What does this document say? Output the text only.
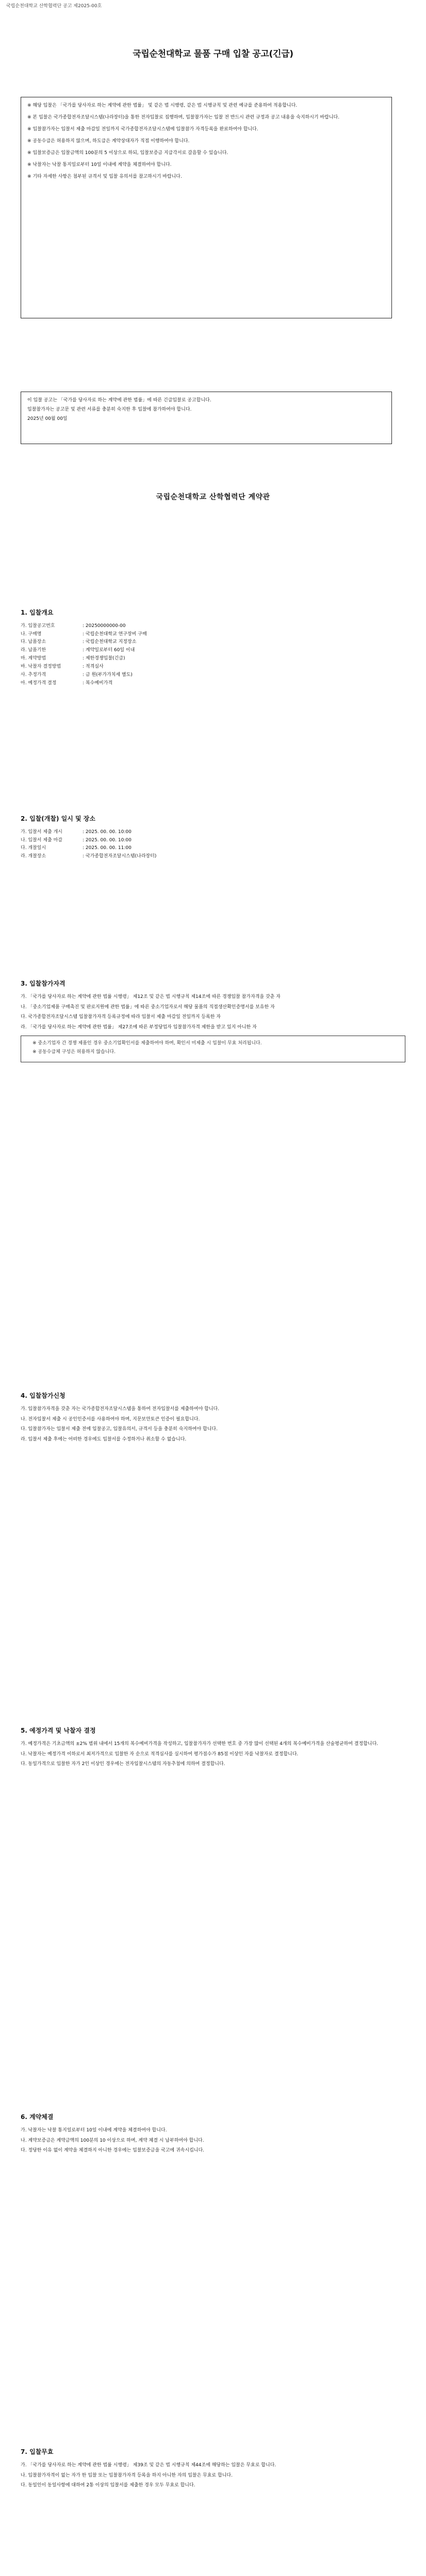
국립순천대학교 산학협력단 공고 제2025-00호
국립순천대학교 물품 구매 입찰 공고(긴급)
※ 해당 입찰은 「국가를 당사자로 하는 계약에 관한 법률」 및 같은 법 시행령, 같은 법 시행규칙 및 관련 예규를 준용하여 적용합니다.
※ 본 입찰은 국가종합전자조달시스템(나라장터)을 통한 전자입찰로 집행하며, 입찰참가자는 입찰 전 반드시 관련 규정과 공고 내용을 숙지하시기 바랍니다.
※ 입찰참가자는 입찰서 제출 마감일 전일까지 국가종합전자조달시스템에 입찰참가 자격등록을 완료하여야 합니다.
※ 공동수급은 허용하지 않으며, 하도급은 계약상대자가 직접 이행하여야 합니다.
※ 입찰보증금은 입찰금액의 100분의 5 이상으로 하되, 입찰보증금 지급각서로 갈음할 수 있습니다.
※ 낙찰자는 낙찰 통지일로부터 10일 이내에 계약을 체결하여야 합니다.
※ 기타 자세한 사항은 첨부된 규격서 및 입찰 유의서를 참고하시기 바랍니다.

이 입찰 공고는 「국가를 당사자로 하는 계약에 관한 법률」에 따른 긴급입찰로 공고합니다.

입찰참가자는 공고문 및 관련 서류를 충분히 숙지한 후 입찰에 참가하여야 합니다.

2025년 00월 00일

국립순천대학교 산학협력단 계약관
1. 입찰개요
가. 입찰공고번호	: 20250000000-00
나. 구매명	: 국립순천대학교 연구장비 구매
다. 납품장소	: 국립순천대학교 지정장소
라. 납품기한	: 계약일로부터 60일 이내
마. 계약방법	: 제한경쟁입찰(긴급)
바. 낙찰자 결정방법	: 적격심사
사. 추정가격	: 금 원(부가가치세 별도)
아. 예정가격 결정	: 복수예비가격
2. 입찰(개찰) 일시 및 장소
가. 입찰서 제출 개시	: 2025. 00. 00. 10:00
나. 입찰서 제출 마감	: 2025. 00. 00. 10:00
다. 개찰일시	: 2025. 00. 00. 11:00
라. 개찰장소	: 국가종합전자조달시스템(나라장터)
3. 입찰참가자격

가. 「국가를 당사자로 하는 계약에 관한 법률 시행령」 제12조 및 같은 법 시행규칙 제14조에 따른 경쟁입찰 참가자격을 갖춘 자

나. 「중소기업제품 구매촉진 및 판로지원에 관한 법률」에 따른 중소기업자로서 해당 물품의 직접생산확인증명서를 보유한 자

다. 국가종합전자조달시스템 입찰참가자격 등록규정에 따라 입찰서 제출 마감일 전일까지 등록한 자

라. 「국가를 당사자로 하는 계약에 관한 법률」 제27조에 따른 부정당업자 입찰참가자격 제한을 받고 있지 아니한 자

※ 중소기업자 간 경쟁 제품인 경우 중소기업확인서를 제출하여야 하며, 확인서 미제출 시 입찰이 무효 처리됩니다.

※ 공동수급체 구성은 허용하지 않습니다.

4. 입찰참가신청

가. 입찰참가자격을 갖춘 자는 국가종합전자조달시스템을 통하여 전자입찰서를 제출하여야 합니다.

나. 전자입찰서 제출 시 공인인증서를 사용하여야 하며, 지문보안토큰 인증이 필요합니다.

다. 입찰참가자는 입찰서 제출 전에 입찰공고, 입찰유의서, 규격서 등을 충분히 숙지하여야 합니다.

라. 입찰서 제출 후에는 어떠한 경우에도 입찰서를 수정하거나 취소할 수 없습니다.

5. 예정가격 및 낙찰자 결정

가. 예정가격은 기초금액의 ±2% 범위 내에서 15개의 복수예비가격을 작성하고, 입찰참가자가 선택한 번호 중 가장 많이 선택된 4개의 복수예비가격을 산술평균하여 결정합니다.

나. 낙찰자는 예정가격 이하로서 최저가격으로 입찰한 자 순으로 적격심사를 실시하여 평가점수가 85점 이상인 자를 낙찰자로 결정합니다.

다. 동일가격으로 입찰한 자가 2인 이상인 경우에는 전자입찰시스템의 자동추첨에 의하여 결정합니다.

6. 계약체결

가. 낙찰자는 낙찰 통지일로부터 10일 이내에 계약을 체결하여야 합니다.

나. 계약보증금은 계약금액의 100분의 10 이상으로 하며, 계약 체결 시 납부하여야 합니다.

다. 정당한 이유 없이 계약을 체결하지 아니한 경우에는 입찰보증금을 국고에 귀속시킵니다.

7. 입찰무효

가. 「국가를 당사자로 하는 계약에 관한 법률 시행령」 제39조 및 같은 법 시행규칙 제44조에 해당하는 입찰은 무효로 합니다.

나. 입찰참가자격이 없는 자가 한 입찰 또는 입찰참가자격 등록을 하지 아니한 자의 입찰은 무효로 합니다.

다. 동일인이 동일사항에 대하여 2통 이상의 입찰서를 제출한 경우 모두 무효로 합니다.
